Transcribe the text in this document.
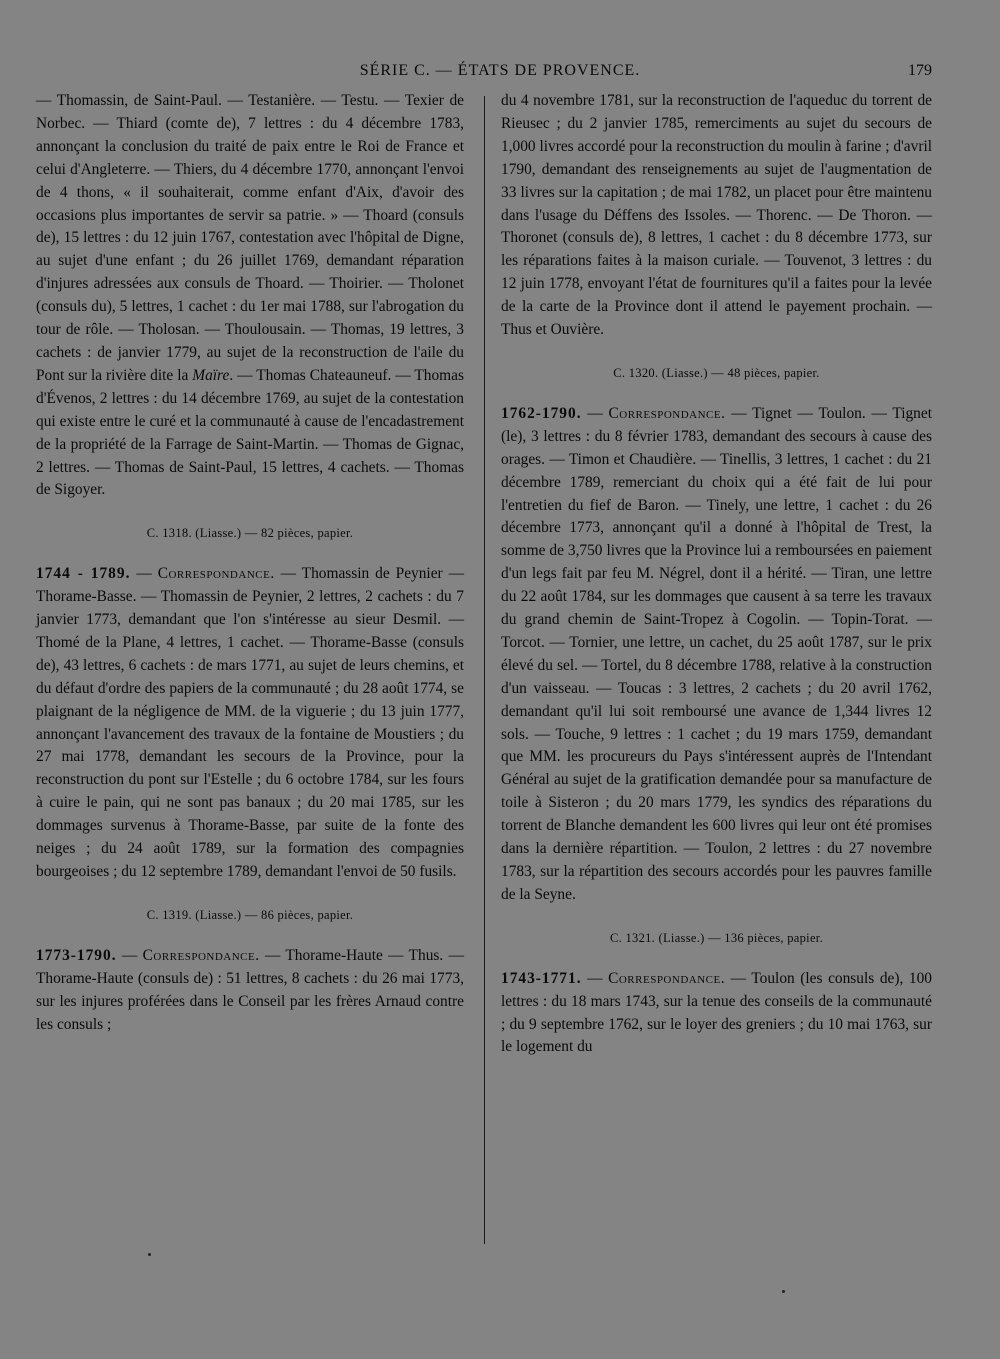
SÉRIE C. — ÉTATS DE PROVENCE.	179

— Thomassin, de Saint-Paul. — Testanière. — Testu. — Texier de Norbec. — Thiard (comte de), 7 lettres : du 4 décembre 1783, annonçant la conclusion du traité de paix entre le Roi de France et celui d'Angleterre. — Thiers, du 4 décembre 1770, annonçant l'envoi de 4 thons, « il souhaiterait, comme enfant d'Aix, d'avoir des occasions plus importantes de servir sa patrie. » — Thoard (consuls de), 15 lettres : du 12 juin 1767, contestation avec l'hôpital de Digne, au sujet d'une enfant ; du 26 juillet 1769, demandant réparation d'injures adressées aux consuls de Thoard. — Thoirier. — Tholonet (consuls du), 5 lettres, 1 cachet : du 1er mai 1788, sur l'abrogation du tour de rôle. — Tholosan. — Thoulousain. — Thomas, 19 lettres, 3 cachets : de janvier 1779, au sujet de la reconstruction de l'aile du Pont sur la rivière dite la Maïre. — Thomas Chateauneuf. — Thomas d'Évenos, 2 lettres : du 14 décembre 1769, au sujet de la contestation qui existe entre le curé et la communauté à cause de l'encadastrement de la propriété de la Farrage de Saint-Martin. — Thomas de Gignac, 2 lettres. — Thomas de Saint-Paul, 15 lettres, 4 cachets. — Thomas de Sigoyer.

C. 1318. (Liasse.) — 82 pièces, papier.

1744 - 1789. — Correspondance. — Thomassin de Peynier — Thorame-Basse. — Thomassin de Peynier, 2 lettres, 2 cachets : du 7 janvier 1773, demandant que l'on s'intéresse au sieur Desmil. — Thomé de la Plane, 4 lettres, 1 cachet. — Thorame-Basse (consuls de), 43 lettres, 6 cachets : de mars 1771, au sujet de leurs chemins, et du défaut d'ordre des papiers de la communauté ; du 28 août 1774, se plaignant de la négligence de MM. de la viguerie ; du 13 juin 1777, annonçant l'avancement des travaux de la fontaine de Moustiers ; du 27 mai 1778, demandant les secours de la Province, pour la reconstruction du pont sur l'Estelle ; du 6 octobre 1784, sur les fours à cuire le pain, qui ne sont pas banaux ; du 20 mai 1785, sur les dommages survenus à Thorame-Basse, par suite de la fonte des neiges ; du 24 août 1789, sur la formation des compagnies bourgeoises ; du 12 septembre 1789, demandant l'envoi de 50 fusils.

C. 1319. (Liasse.) — 86 pièces, papier.

1773-1790. — Correspondance. — Thorame-Haute — Thus. — Thorame-Haute (consuls de) : 51 lettres, 8 cachets : du 26 mai 1773, sur les injures proférées dans le Conseil par les frères Arnaud contre les consuls ;

du 4 novembre 1781, sur la reconstruction de l'aqueduc du torrent de Rieusec ; du 2 janvier 1785, remerciments au sujet du secours de 1,000 livres accordé pour la reconstruction du moulin à farine ; d'avril 1790, demandant des renseignements au sujet de l'augmentation de 33 livres sur la capitation ; de mai 1782, un placet pour être maintenu dans l'usage du Déffens des Issoles. — Thorenc. — De Thoron. — Thoronet (consuls de), 8 lettres, 1 cachet : du 8 décembre 1773, sur les réparations faites à la maison curiale. — Touvenot, 3 lettres : du 12 juin 1778, envoyant l'état de fournitures qu'il a faites pour la levée de la carte de la Province dont il attend le payement prochain. — Thus et Ouvière.

C. 1320. (Liasse.) — 48 pièces, papier.

1762-1790. — Correspondance. — Tignet — Toulon. — Tignet (le), 3 lettres : du 8 février 1783, demandant des secours à cause des orages. — Timon et Chaudière. — Tinellis, 3 lettres, 1 cachet : du 21 décembre 1789, remerciant du choix qui a été fait de lui pour l'entretien du fief de Baron. — Tinely, une lettre, 1 cachet : du 26 décembre 1773, annonçant qu'il a donné à l'hôpital de Trest, la somme de 3,750 livres que la Province lui a remboursées en paiement d'un legs fait par feu M. Négrel, dont il a hérité. — Tiran, une lettre du 22 août 1784, sur les dommages que causent à sa terre les travaux du grand chemin de Saint-Tropez à Cogolin. — Topin-Torat. — Torcot. — Tornier, une lettre, un cachet, du 25 août 1787, sur le prix élevé du sel. — Tortel, du 8 décembre 1788, relative à la construction d'un vaisseau. — Toucas : 3 lettres, 2 cachets ; du 20 avril 1762, demandant qu'il lui soit remboursé une avance de 1,344 livres 12 sols. — Touche, 9 lettres : 1 cachet ; du 19 mars 1759, demandant que MM. les procureurs du Pays s'intéressent auprès de l'Intendant Général au sujet de la gratification demandée pour sa manufacture de toile à Sisteron ; du 20 mars 1779, les syndics des réparations du torrent de Blanche demandent les 600 livres qui leur ont été promises dans la dernière répartition. — Toulon, 2 lettres : du 27 novembre 1783, sur la répartition des secours accordés pour les pauvres famille de la Seyne.

C. 1321. (Liasse.) — 136 pièces, papier.

1743-1771. — Correspondance. — Toulon (les consuls de), 100 lettres : du 18 mars 1743, sur la tenue des conseils de la communauté ; du 9 septembre 1762, sur le loyer des greniers ; du 10 mai 1763, sur le logement du
